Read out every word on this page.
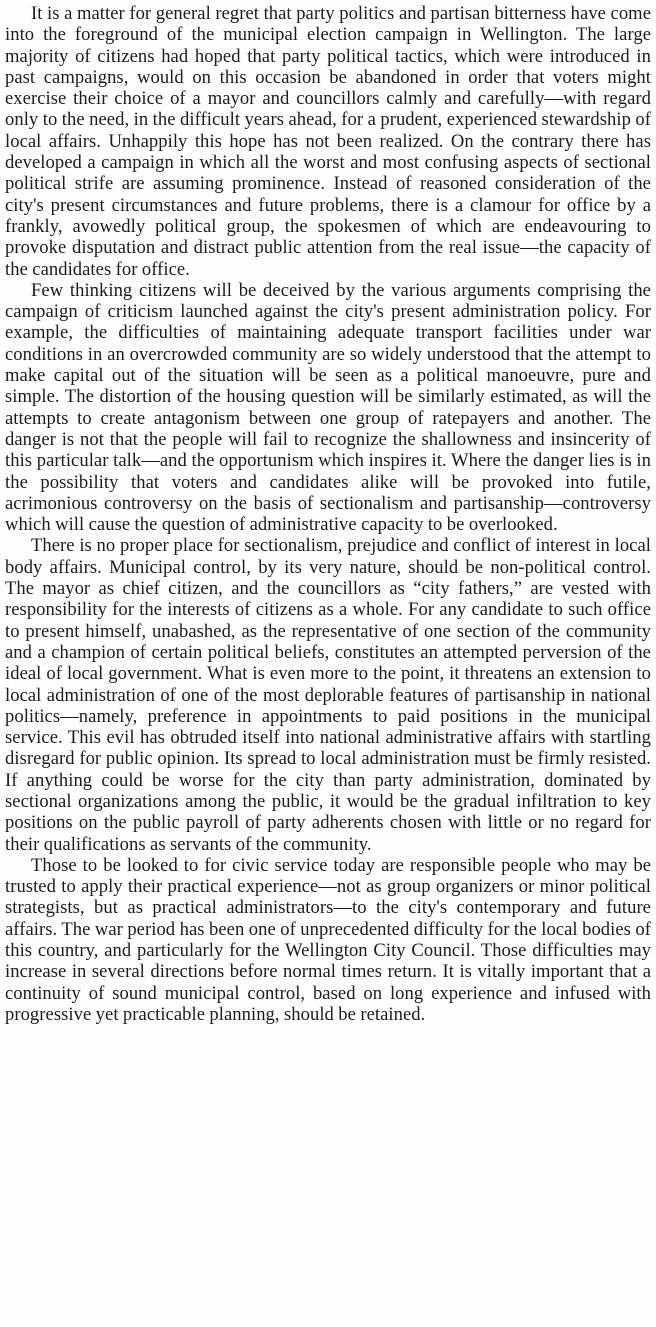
It is a matter for general regret that party politics and partisan bitterness have come into the foreground of the municipal election campaign in Wellington. The large majority of citizens had hoped that party political tactics, which were introduced in past campaigns, would on this occasion be abandoned in order that voters might exercise their choice of a mayor and councillors calmly and carefully—with regard only to the need, in the difficult years ahead, for a prudent, experienced stewardship of local affairs. Unhappily this hope has not been realized. On the contrary there has developed a campaign in which all the worst and most confusing aspects of sectional political strife are assuming prominence. Instead of reasoned consideration of the city's present circumstances and future problems, there is a clamour for office by a frankly, avowedly political group, the spokesmen of which are endeavouring to provoke disputation and distract public attention from the real issue—the capacity of the candidates for office.

Few thinking citizens will be deceived by the various arguments comprising the campaign of criticism launched against the city's present administration policy. For example, the difficulties of maintaining adequate transport facilities under war conditions in an overcrowded community are so widely understood that the attempt to make capital out of the situation will be seen as a political manoeuvre, pure and simple. The distortion of the housing question will be similarly estimated, as will the attempts to create antagonism between one group of ratepayers and another. The danger is not that the people will fail to recognize the shallowness and insincerity of this particular talk—and the opportunism which inspires it. Where the danger lies is in the possibility that voters and candidates alike will be provoked into futile, acrimonious controversy on the basis of sectionalism and partisanship—controversy which will cause the question of administrative capacity to be overlooked.

There is no proper place for sectionalism, prejudice and conflict of interest in local body affairs. Municipal control, by its very nature, should be non-political control. The mayor as chief citizen, and the councillors as “city fathers,” are vested with responsibility for the interests of citizens as a whole. For any candidate to such office to present himself, unabashed, as the representative of one section of the community and a champion of certain political beliefs, constitutes an attempted perversion of the ideal of local government. What is even more to the point, it threatens an extension to local administration of one of the most deplorable features of partisanship in national politics—namely, preference in appointments to paid positions in the municipal service. This evil has obtruded itself into national administrative affairs with startling disregard for public opinion. Its spread to local administration must be firmly resisted. If anything could be worse for the city than party administration, dominated by sectional organizations among the public, it would be the gradual infiltration to key positions on the public payroll of party adherents chosen with little or no regard for their qualifications as servants of the community.

Those to be looked to for civic service today are responsible people who may be trusted to apply their practical experience—not as group organizers or minor political strategists, but as practical administrators—to the city's contemporary and future affairs. The war period has been one of unprecedented difficulty for the local bodies of this country, and particularly for the Wellington City Council. Those difficulties may increase in several directions before normal times return. It is vitally important that a continuity of sound municipal control, based on long experience and infused with progressive yet practicable planning, should be retained.
